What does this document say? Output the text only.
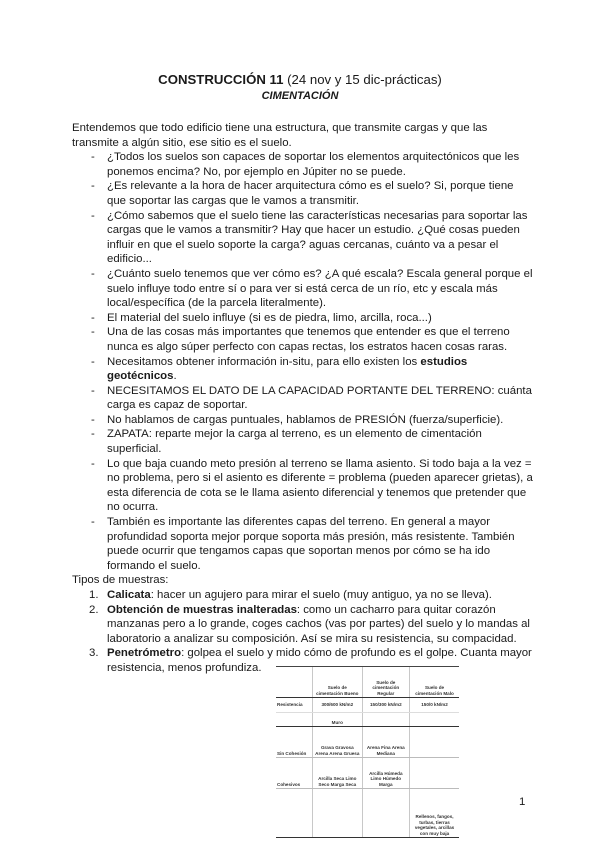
CONSTRUCCIÓN 11 (24 nov y 15 dic-prácticas)
CIMENTACIÓN

Entendemos que todo edificio tiene una estructura, que transmite cargas y que las transmite a algún sitio, ese sitio es el suelo.

- ¿Todos los suelos son capaces de soportar los elementos arquitectónicos que les ponemos encima? No, por ejemplo en Júpiter no se puede.
- ¿Es relevante a la hora de hacer arquitectura cómo es el suelo? Si, porque tiene que soportar las cargas que le vamos a transmitir.
- ¿Cómo sabemos que el suelo tiene las características necesarias para soportar las cargas que le vamos a transmitir? Hay que hacer un estudio. ¿Qué cosas pueden influir en que el suelo soporte la carga? aguas cercanas, cuánto va a pesar el edificio...
- ¿Cuánto suelo tenemos que ver cómo es? ¿A qué escala? Escala general porque el suelo influye todo entre sí o para ver si está cerca de un río, etc y escala más local/específica (de la parcela literalmente).
- El material del suelo influye (si es de piedra, limo, arcilla, roca...)
- Una de las cosas más importantes que tenemos que entender es que el terreno nunca es algo súper perfecto con capas rectas, los estratos hacen cosas raras.
- Necesitamos obtener información in-situ, para ello existen los estudios geotécnicos.
- NECESITAMOS EL DATO DE LA CAPACIDAD PORTANTE DEL TERRENO: cuánta carga es capaz de soportar.
- No hablamos de cargas puntuales, hablamos de PRESIÓN (fuerza/superficie).
- ZAPATA: reparte mejor la carga al terreno, es un elemento de cimentación superficial.
- Lo que baja cuando meto presión al terreno se llama asiento. Si todo baja a la vez = no problema, pero si el asiento es diferente = problema (pueden aparecer grietas), a esta diferencia de cota se le llama asiento diferencial y tenemos que pretender que no ocurra.
- También es importante las diferentes capas del terreno. En general a mayor profundidad soporta mejor porque soporta más presión, más resistente. También puede ocurrir que tengamos capas que soportan menos por cómo se ha ido formando el suelo.

Tipos de muestras:

1. Calicata: hacer un agujero para mirar el suelo (muy antiguo, ya no se lleva).
2. Obtención de muestras inalteradas: como un cacharro para quitar corazón manzanas pero a lo grande, coges cachos (vas por partes) del suelo y lo mandas al laboratorio a analizar su composición. Así se mira su resistencia, su compacidad.
3. Penetrómetro: golpea el suelo y mido cómo de profundo es el golpe. Cuanta mayor resistencia, menos profundiza.
	Suelo de cimentación Bueno	Suelo de cimentación Regular	Suelo de cimentación Malo
Resistencia	300/600 kN/m2	150/300 kN/m2	150/0 kN/m2
	Muro		
Sin Cohesión	Grava Gravosa Arena Arena Gruesa	Arena Fina Arena Mediana	
Cohesivos	Arcilla Seca Limo Seco Marga Seca	Arcilla Húmeda Limo Húmedo Marga	
			Rellenos, fangos, turbas, tierras vegetales, arcillas con muy baja
1
